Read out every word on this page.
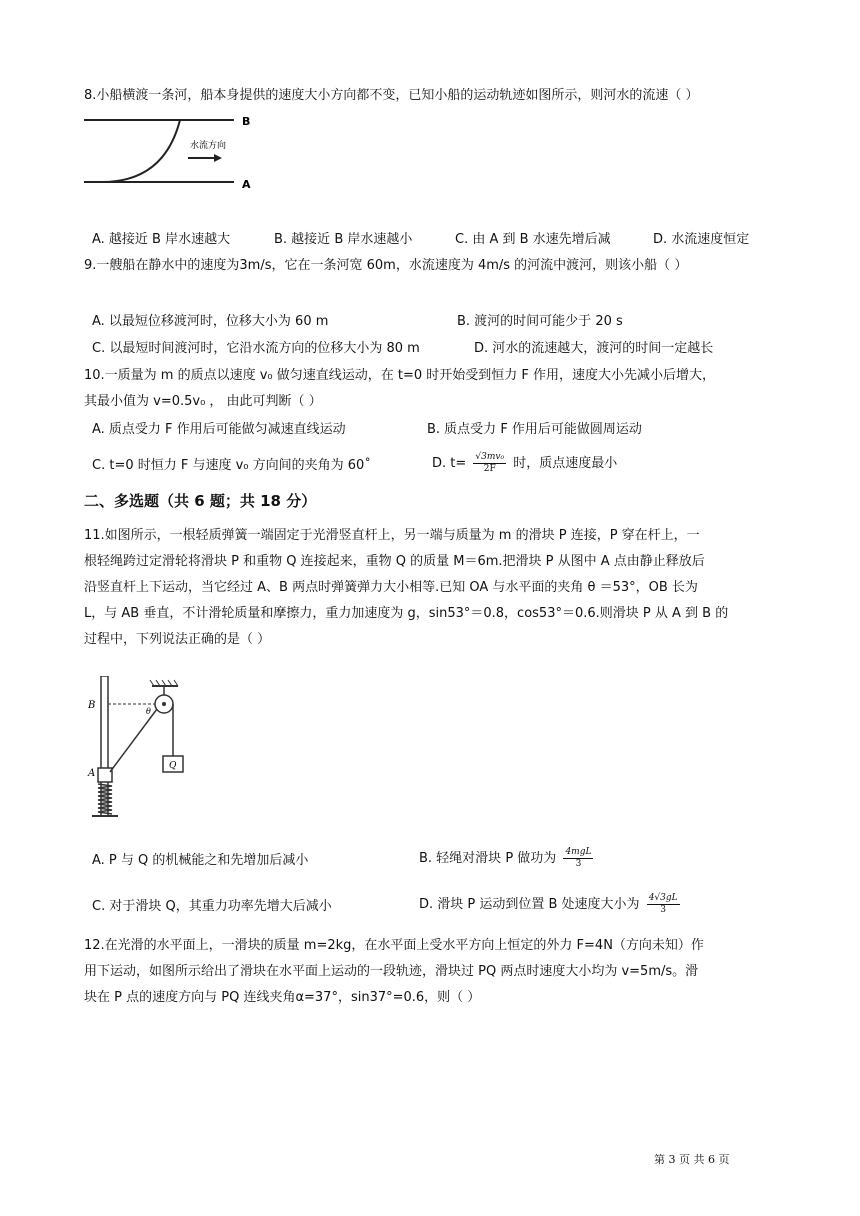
8.小船横渡一条河，船本身提供的速度大小方向都不变，已知小船的运动轨迹如图所示，则河水的流速（ ）
水流方向
B
A
A. 越接近 B 岸水速越大	B. 越接近 B 岸水速越小	C. 由 A 到 B 水速先增后减	D. 水流速度恒定
9.一艘船在静水中的速度为3m/s，它在一条河宽 60m，水流速度为 4m/s 的河流中渡河，则该小船（ ）
A. 以最短位移渡河时，位移大小为 60 m	B. 渡河的时间可能少于 20 s
C. 以最短时间渡河时，它沿水流方向的位移大小为 80 m	D. 河水的流速越大，渡河的时间一定越长
10.一质量为 m 的质点以速度 v₀ 做匀速直线运动，在 t=0 时开始受到恒力 F 作用，速度大小先减小后增大，
其最小值为 v=0.5v₀ ， 由此可判断（ ）
A. 质点受力 F 作用后可能做匀减速直线运动	B. 质点受力 F 作用后可能做圆周运动
C. t=0 时恒力 F 与速度 v₀ 方向间的夹角为 60˚	D. $t= \frac{\text{√3mv₀}}{2F}$ 时，质点速度最小
二、多选题（共 6 题；共 18 分）
11.如图所示，一根轻质弹簧一端固定于光滑竖直杆上，另一端与质量为 m 的滑块 P 连接，P 穿在杆上，一
根轻绳跨过定滑轮将滑块 P 和重物 Q 连接起来，重物 Q 的质量 M＝6m.把滑块 P 从图中 A 点由静止释放后
沿竖直杆上下运动，当它经过 A、B 两点时弹簧弹力大小相等.已知 OA 与水平面的夹角 θ ＝53°，OB 长为
L，与 AB 垂直，不计滑轮质量和摩擦力，重力加速度为 g，sin53°＝0.8，cos53°＝0.6.则滑块 P 从 A 到 B 的
过程中，下列说法正确的是（ ）
Q
B
A
θ
A. P 与 Q 的机械能之和先增加后减小	B. 轻绳对滑块 P 做功为 $\frac{\text{4mgL}}{3}$
C. 对于滑块 Q，其重力功率先增大后减小	D. 滑块 P 运动到位置 B 处速度大小为 $\frac{4√3gL}{3}$
12.在光滑的水平面上，一滑块的质量 m=2kg，在水平面上受水平方向上恒定的外力 F=4N（方向未知）作
用下运动，如图所示给出了滑块在水平面上运动的一段轨迹，滑块过 PQ 两点时速度大小均为 v=5m/s。滑
块在 P 点的速度方向与 PQ 连线夹角α=37°，sin37°=0.6，则（ ）
第 3 页 共 6 页
